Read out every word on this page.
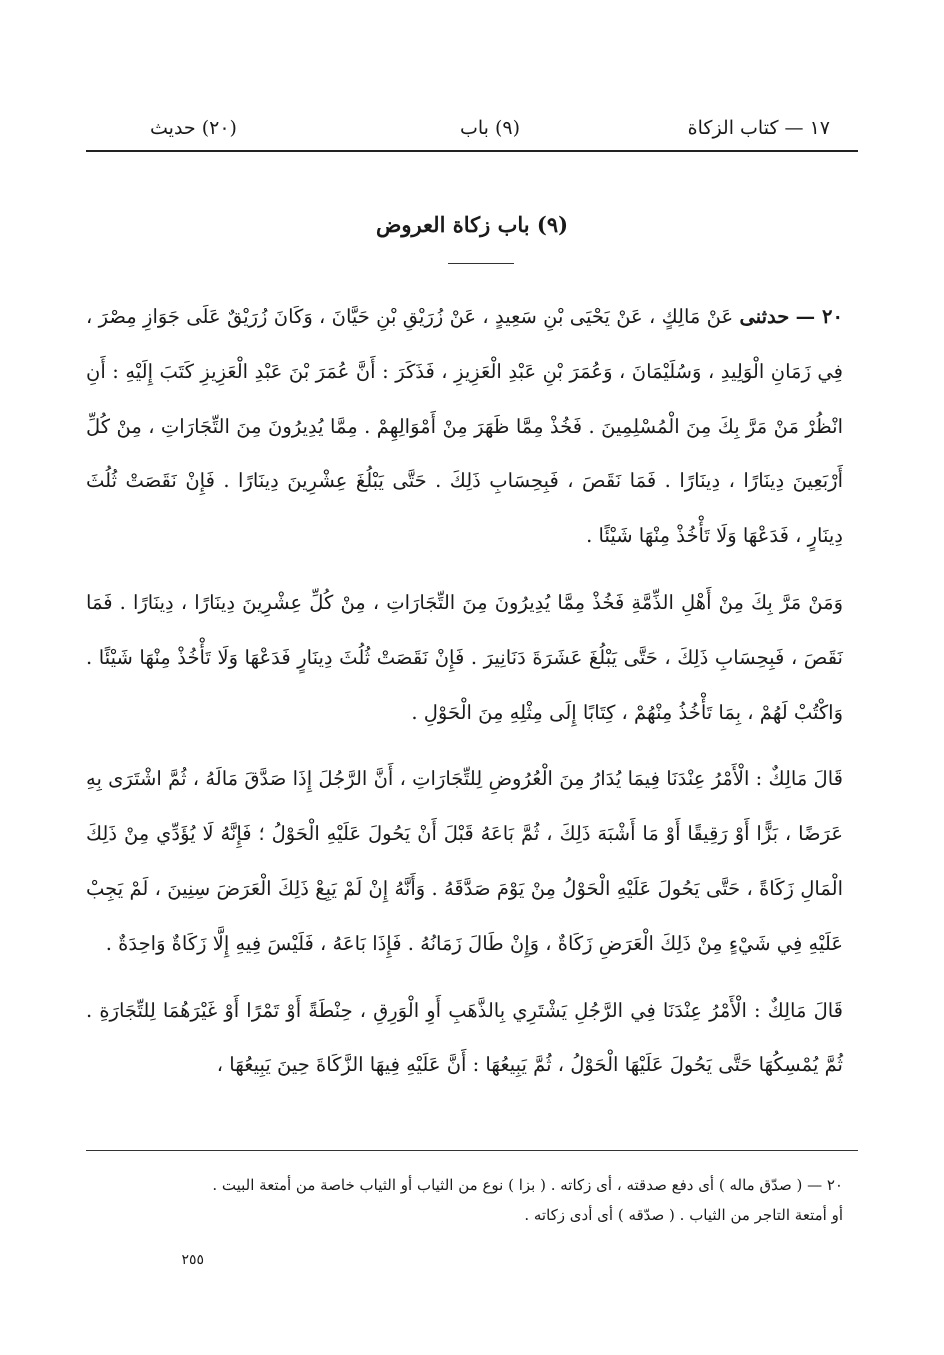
١٧ — كتاب الزكاة
(٩) باب
(٢٠) حديث
(٩) باب زكاة العروض

٢٠ — حدثنى عَنْ مَالِكٍ ، عَنْ يَحْيَى بْنِ سَعِيدٍ ، عَنْ زُرَيْقِ بْنِ حَيَّانَ ، وَكَانَ زُرَيْقٌ عَلَى جَوَازِ مِصْرَ ، فِي زَمَانِ الْوَلِيدِ ، وَسُلَيْمَانَ ، وَعُمَرَ بْنِ عَبْدِ الْعَزِيزِ ، فَذَكَرَ : أَنَّ عُمَرَ بْنَ عَبْدِ الْعَزِيزِ كَتَبَ إِلَيْهِ : أَنِ انْظُرْ مَنْ مَرَّ بِكَ مِنَ الْمُسْلِمِينَ . فَخُذْ مِمَّا ظَهَرَ مِنْ أَمْوَالِهِمْ . مِمَّا يُدِيرُونَ مِنَ التِّجَارَاتِ ، مِنْ كُلِّ أَرْبَعِينَ دِينَارًا ، دِينَارًا . فَمَا نَقَصَ ، فَبِحِسَابِ ذَلِكَ . حَتَّى يَبْلُغَ عِشْرِينَ دِينَارًا . فَإِنْ نَقَصَتْ ثُلُثَ دِينَارٍ ، فَدَعْهَا وَلَا تَأْخُذْ مِنْهَا شَيْئًا .

وَمَنْ مَرَّ بِكَ مِنْ أَهْلِ الذِّمَّةِ فَخُذْ مِمَّا يُدِيرُونَ مِنَ التِّجَارَاتِ ، مِنْ كُلِّ عِشْرِينَ دِينَارًا ، دِينَارًا . فَمَا نَقَصَ ، فَبِحِسَابِ ذَلِكَ ، حَتَّى يَبْلُغَ عَشَرَةَ دَنَانِيرَ . فَإِنْ نَقَصَتْ ثُلُثَ دِينَارٍ فَدَعْهَا وَلَا تَأْخُذْ مِنْهَا شَيْئًا . وَاكْتُبْ لَهُمْ ، بِمَا تَأْخُذُ مِنْهُمْ ، كِتَابًا إِلَى مِثْلِهِ مِنَ الْحَوْلِ .

قَالَ مَالِكٌ : الْأَمْرُ عِنْدَنَا فِيمَا يُدَارُ مِنَ الْعُرُوضِ لِلتِّجَارَاتِ ، أَنَّ الرَّجُلَ إِذَا صَدَّقَ مَالَهُ ، ثُمَّ اشْتَرَى بِهِ عَرَضًا ، بَزًّا أَوْ رَقِيقًا أَوْ مَا أَشْبَهَ ذَلِكَ ، ثُمَّ بَاعَهُ قَبْلَ أَنْ يَحُولَ عَلَيْهِ الْحَوْلُ ؛ فَإِنَّهُ لَا يُؤَدِّي مِنْ ذَلِكَ الْمَالِ زَكَاةً ، حَتَّى يَحُولَ عَلَيْهِ الْحَوْلُ مِنْ يَوْمَ صَدَّقَهُ . وَأَنَّهُ إِنْ لَمْ يَبِعْ ذَلِكَ الْعَرَضَ سِنِينَ ، لَمْ يَجِبْ عَلَيْهِ فِي شَيْءٍ مِنْ ذَلِكَ الْعَرَضِ زَكَاةٌ ، وَإِنْ طَالَ زَمَانُهُ . فَإِذَا بَاعَهُ ، فَلَيْسَ فِيهِ إِلَّا زَكَاةٌ وَاحِدَةٌ .

قَالَ مَالِكٌ : الْأَمْرُ عِنْدَنَا فِي الرَّجُلِ يَشْتَرِي بِالذَّهَبِ أَوِ الْوَرِقِ ، حِنْطَةً أَوْ تَمْرًا أَوْ غَيْرَهُمَا لِلتِّجَارَةِ . ثُمَّ يُمْسِكُهَا حَتَّى يَحُولَ عَلَيْهَا الْحَوْلُ ، ثُمَّ يَبِيعُهَا : أَنَّ عَلَيْهِ فِيهَا الزَّكَاةَ حِينَ يَبِيعُهَا ،

٢٠ — ( صدّق ماله ) أى دفع صدقته ، أى زكاته . ( بزا ) نوع من الثياب أو الثياب خاصة من أمتعة البيت .

أو أمتعة التاجر من الثياب . ( صدّقه ) أى أدى زكاته .

٢٥٥
